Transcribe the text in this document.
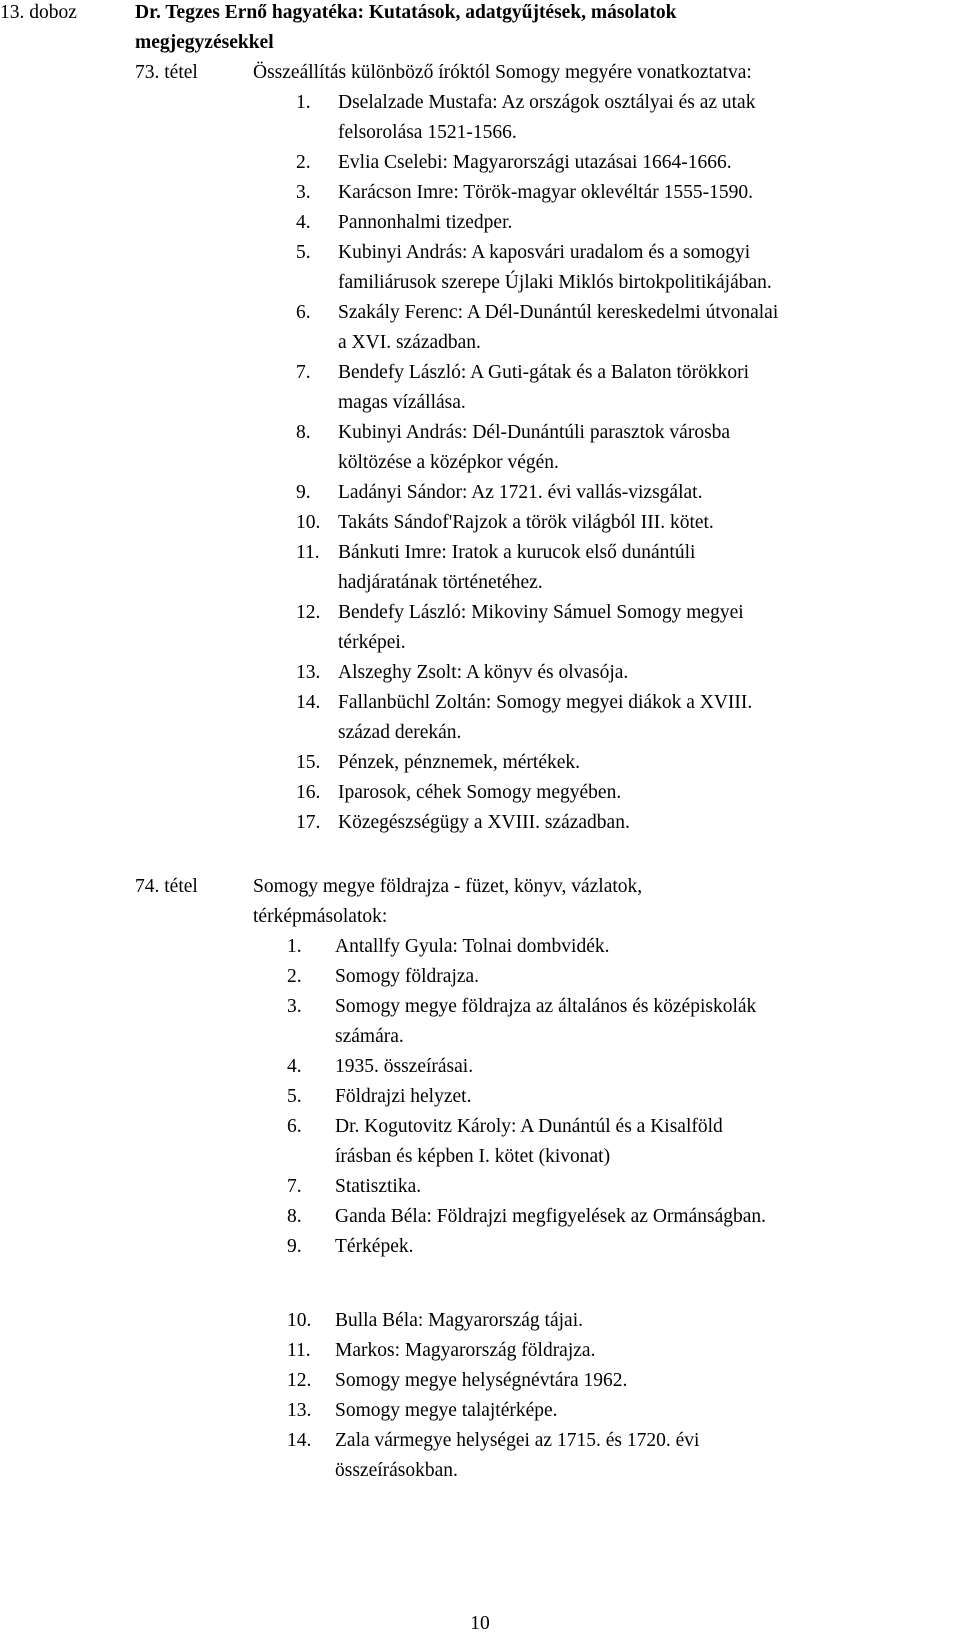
13. doboz	Dr. Tegzes Ernő hagyatéka: Kutatások, adatgyűjtések, másolatok
megjegyzésekkel
73. tétel	Összeállítás különböző íróktól Somogy megyére vonatkoztatva:
1. Dselalzade Mustafa: Az országok osztályai és az utak
felsorolása 1521-1566.
2. Evlia Cselebi: Magyarországi utazásai 1664-1666.
3. Karácson Imre: Török-magyar oklevéltár 1555-1590.
4. Pannonhalmi tizedper.
5. Kubinyi András: A kaposvári uradalom és a somogyi
familiárusok szerepe Újlaki Miklós birtokpolitikájában.
6. Szakály Ferenc: A Dél-Dunántúl kereskedelmi útvonalai
a XVI. században.
7. Bendefy László: A Guti-gátak és a Balaton törökkori
magas vízállása.
8. Kubinyi András: Dél-Dunántúli parasztok városba
költözése a középkor végén.
9. Ladányi Sándor: Az 1721. évi vallás-vizsgálat.
10. Takáts Sándof'Rajzok a török világból III. kötet.
11. Bánkuti Imre: Iratok a kurucok első dunántúli
hadjáratának történetéhez.
12. Bendefy László: Mikoviny Sámuel Somogy megyei
térképei.
13. Alszeghy Zsolt: A könyv és olvasója.
14. Fallanbüchl Zoltán: Somogy megyei diákok a XVIII.
század derekán.
15. Pénzek, pénznemek, mértékek.
16. Iparosok, céhek Somogy megyében.
17. Közegészségügy a XVIII. században.
74. tétel	Somogy megye földrajza - füzet, könyv, vázlatok,
térképmásolatok:
1. Antallfy Gyula: Tolnai dombvidék.
2. Somogy földrajza.
3. Somogy megye földrajza az általános és középiskolák
számára.
4. 1935. összeírásai.
5. Földrajzi helyzet.
6. Dr. Kogutovitz Károly: A Dunántúl és a Kisalföld
írásban és képben I. kötet (kivonat)
7. Statisztika.
8. Ganda Béla: Földrajzi megfigyelések az Ormánságban.
9. Térképek.
10. Bulla Béla: Magyarország tájai.
11. Markos: Magyarország földrajza.
12. Somogy megye helységnévtára 1962.
13. Somogy megye talajtérképe.
14. Zala vármegye helységei az 1715. és 1720. évi
összeírásokban.
10
